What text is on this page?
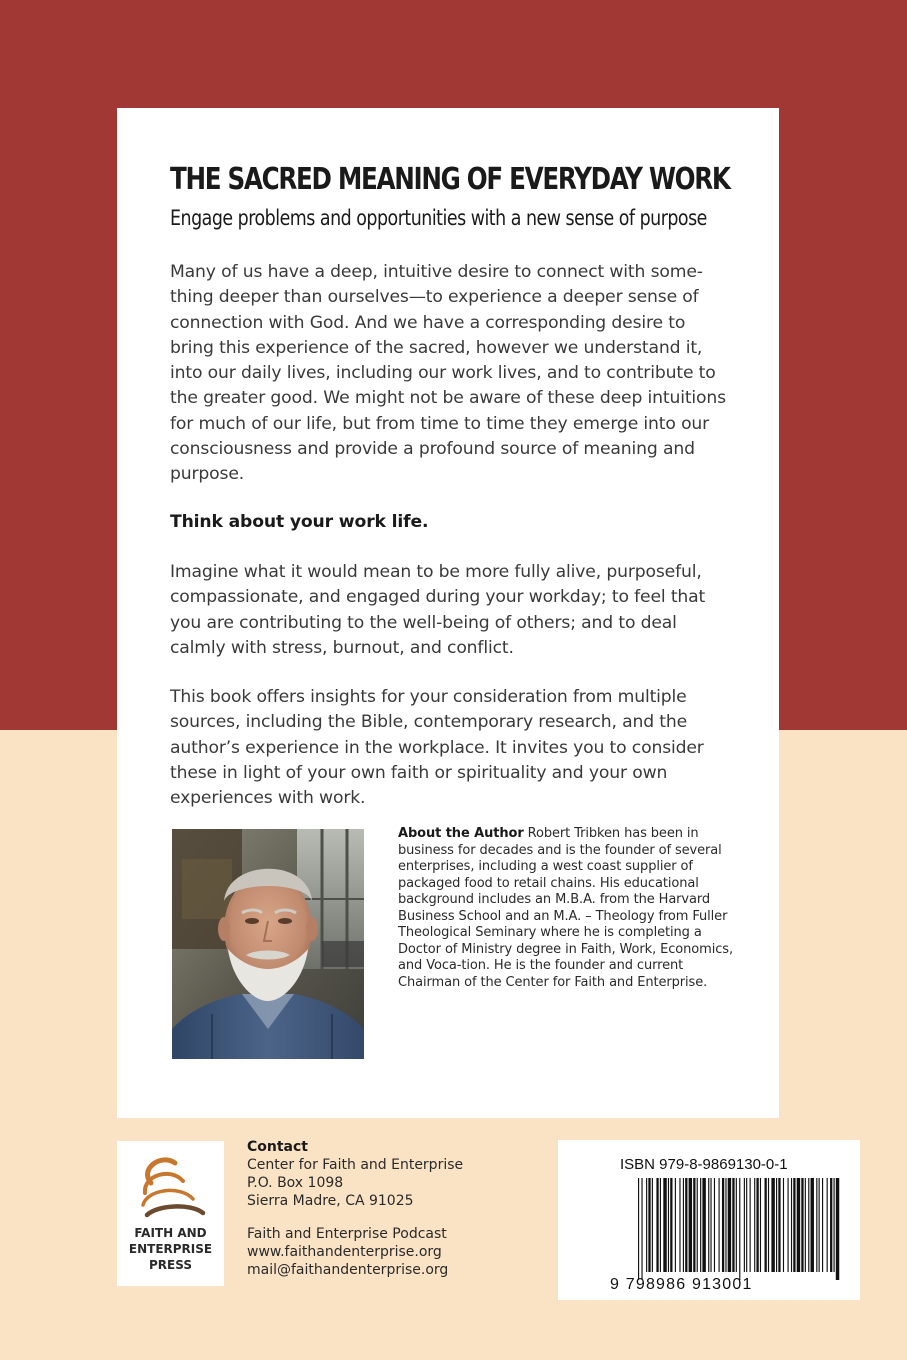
THE SACRED MEANING OF EVERYDAY WORK
Engage problems and opportunities with a new sense of purpose

Many of us have a deep, intuitive desire to connect with some-thing deeper than ourselves—to experience a deeper sense of connection with God. And we have a corresponding desire to bring this experience of the sacred, however we understand it, into our daily lives, including our work lives, and to contribute to the greater good. We might not be aware of these deep intuitions for much of our life, but from time to time they emerge into our consciousness and provide a profound source of meaning and purpose.

Think about your work life.

Imagine what it would mean to be more fully alive, purposeful, compassionate, and engaged during your workday; to feel that you are contributing to the well-being of others; and to deal calmly with stress, burnout, and conflict.

This book offers insights for your consideration from multiple sources, including the Bible, contemporary research, and the author’s experience in the workplace. It invites you to consider these in light of your own faith or spirituality and your own experiences with work.

About the Author Robert Tribken has been in business for decades and is the founder of several enterprises, including a west coast supplier of packaged food to retail chains. His educational background includes an M.B.A. from the Harvard Business School and an M.A. – Theology from Fuller Theological Seminary where he is completing a Doctor of Ministry degree in Faith, Work, Economics, and Voca-tion. He is the founder and current Chairman of the Center for Faith and Enterprise.
FAITH AND
ENTERPRISE
PRESS
Contact
Center for Faith and Enterprise
P.O. Box 1098
Sierra Madre, CA 91025
Faith and Enterprise Podcast
www.faithandenterprise.org
mail@faithandenterprise.org
ISBN 979-8-9869130-0-1
9 798986 913001
